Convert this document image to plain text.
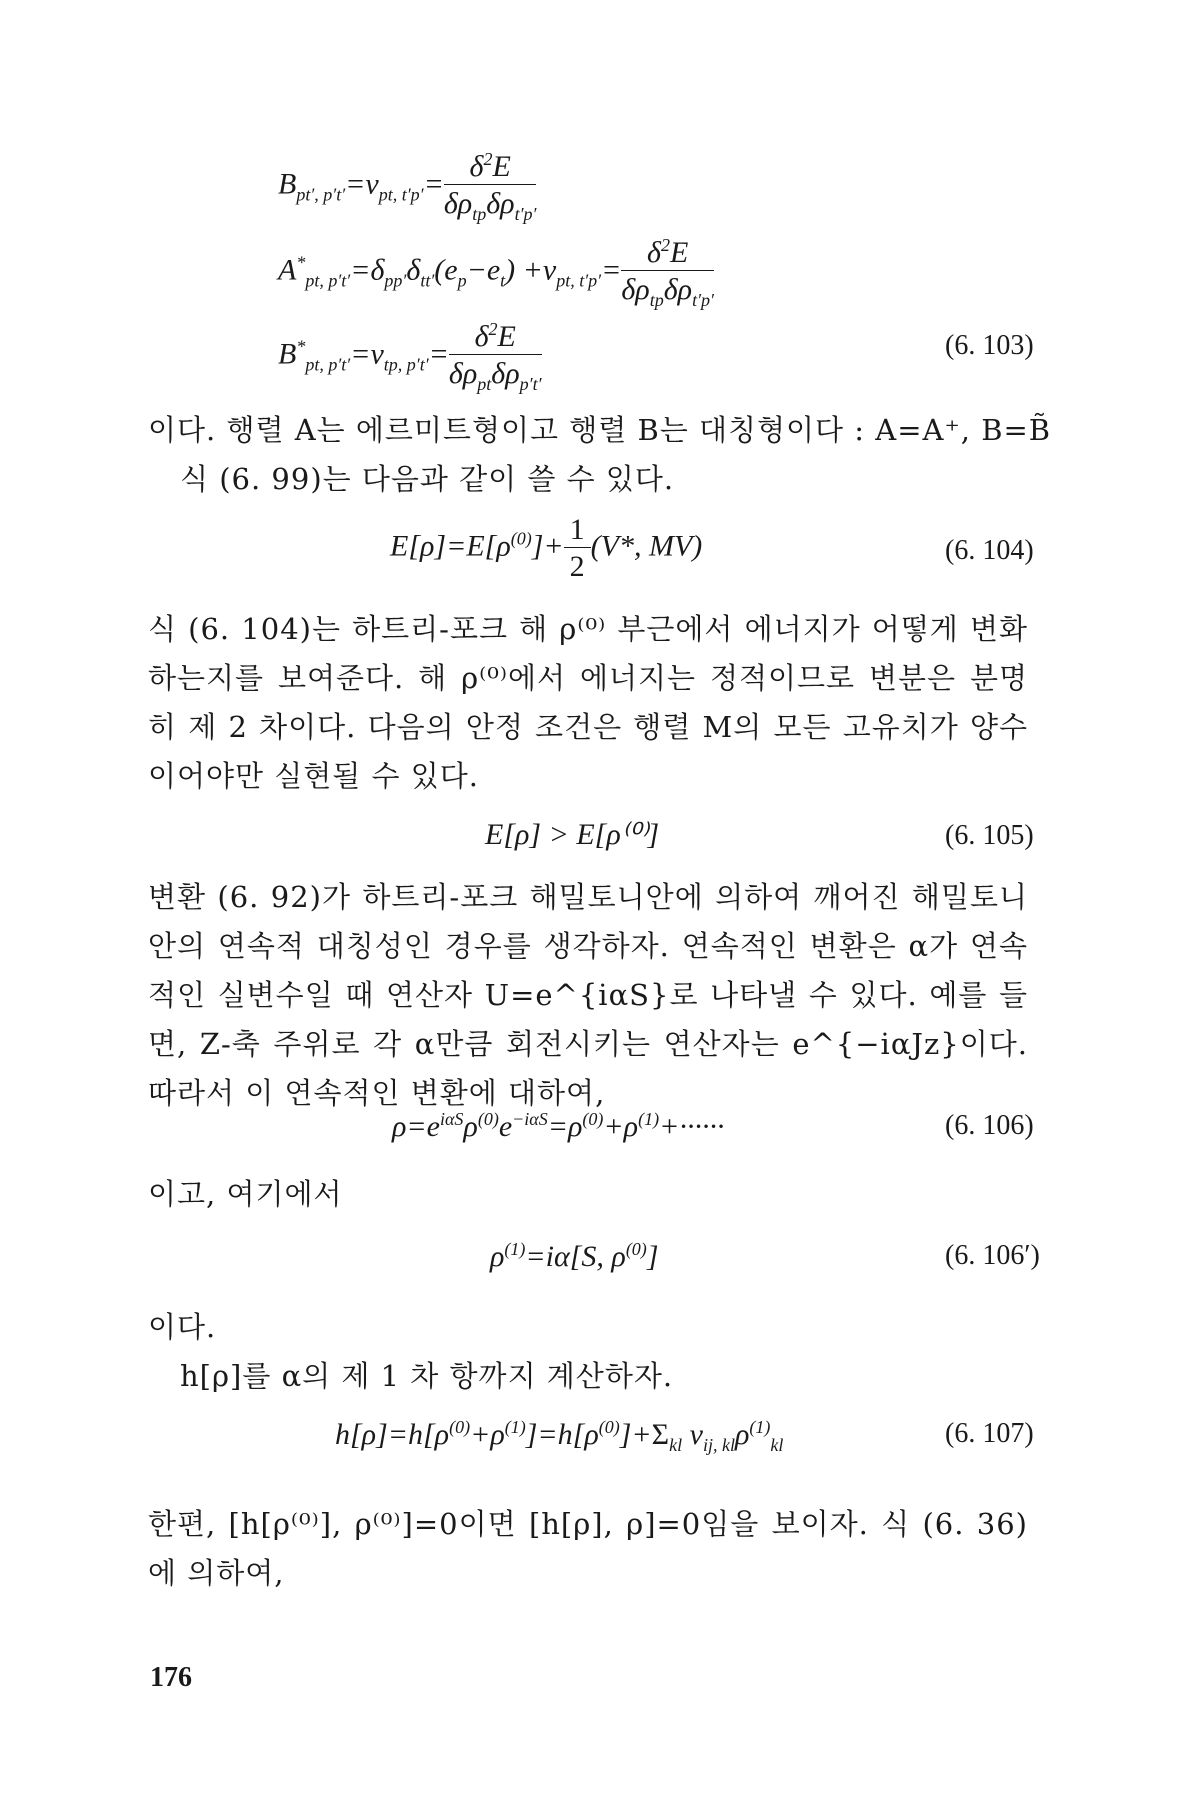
$B_{pt', p't'}=v_{pt, t'p'}= \frac{\delta^2E}{\delta\rho_{tp}\delta\rho_{t'p'}}$
$A^*_{pt, p't'}=\delta_{pp'}\delta_{tt'}(e_p-e_t) +v_{pt, t'p'}= \frac{\delta^2E}{\delta\rho_{tp}\delta\rho_{t'p'}}$
$B^*_{pt, p't'}=v_{tp, p't'}= \frac{\delta^2E}{\delta\rho_{pt}\delta\rho_{p't'}}$	(6. 103)
이다. 행렬 A는 에르미트형이고 행렬 B는 대칭형이다 : A=A⁺, B=B̃
식 (6. 99)는 다음과 같이 쓸 수 있다.
$E[\rho]=E[\rho^{(0)}]+ \frac{1}{2} (V*$, MV)	(6. 104)
식 (6. 104)는 하트리-포크 해 ρ⁽⁰⁾ 부근에서 에너지가 어떻게 변화하는지를 보여준다. 해 ρ⁽⁰⁾에서 에너지는 정적이므로 변분은 분명히 제 2 차이다. 다음의 안정 조건은 행렬 M의 모든 고유치가 양수이어야만 실현될 수 있다.
E[ρ] > E[ρ⁽⁰⁾]	(6. 105)
변환 (6. 92)가 하트리-포크 해밀토니안에 의하여 깨어진 해밀토니안의 연속적 대칭성인 경우를 생각하자. 연속적인 변환은 α가 연속적인 실변수일 때 연산자 U=e^{iαS}로 나타낼 수 있다. 예를 들면, Z-축 주위로 각 α만큼 회전시키는 연산자는 e^{−iαJz}이다. 따라서 이 연속적인 변환에 대하여,
$\rho=e^{i\alpha S}\rho^{(0)}e^{-i\alpha S}=\rho^{(0)}+\rho^{(1)}+\cdot\cdot\cdot\cdot\cdot\cdot$	(6. 106)
이고, 여기에서
$\rho^{(1)}=i\alpha[S$, $\rho^{(0)}$]	(6. 106′)
이다.
h[ρ]를 α의 제 1 차 항까지 계산하자.
$h[\rho]=h[\rho^{(0)}+\rho^{(1)}]=h[\rho^{(0)}]+\Sigma_{kl}$ $v_{ij, kl}\rho^{(1)}_{kl}$	(6. 107)
한편, [h[ρ⁽⁰⁾], ρ⁽⁰⁾]=0이면 [h[ρ], ρ]=0임을 보이자. 식 (6. 36)에 의하여,
176
